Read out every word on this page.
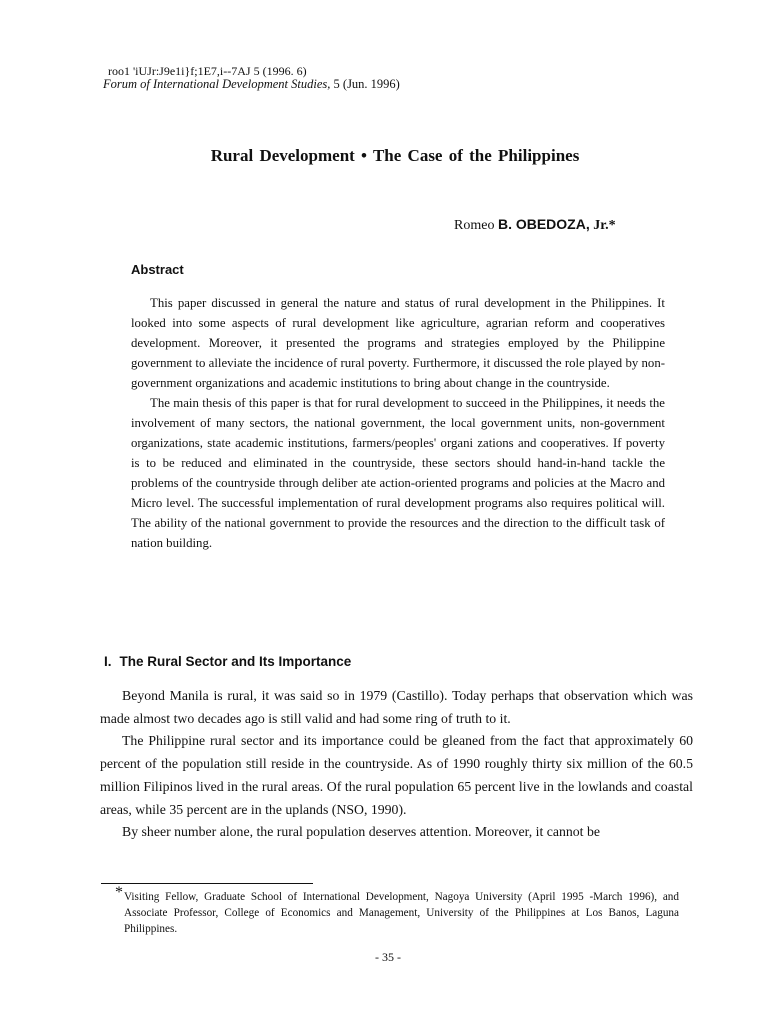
roo1 'iUJr:J9e1i}f;1E7,i--7AJ 5 (1996. 6)
Forum of International Development Studies, 5 (Jun. 1996)
Rural Development • The Case of the Philippines
Romeo B. OBEDOZA, Jr.*
Abstract

This paper discussed in general the nature and status of rural development in the Philippines. It looked into some aspects of rural development like agriculture, agrarian reform and cooperatives development. Moreover, it presented the programs and strategies employed by the Philippine government to alleviate the incidence of rural poverty. Furthermore, it discussed the role played by non-government organizations and academic institutions to bring about change in the countryside.

The main thesis of this paper is that for rural development to succeed in the Philippines, it needs the involvement of many sectors, the national government, the local government units, non-government organizations, state academic institutions, farmers/peoples' organi zations and cooperatives. If poverty is to be reduced and eliminated in the countryside, these sectors should hand-in-hand tackle the problems of the countryside through deliber ate action-oriented programs and policies at the Macro and Micro level. The successful implementation of rural development programs also requires political will. The ability of the national government to provide the resources and the direction to the difficult task of nation building.

I. The Rural Sector and Its Importance

Beyond Manila is rural, it was said so in 1979 (Castillo). Today perhaps that observation which was made almost two decades ago is still valid and had some ring of truth to it.

The Philippine rural sector and its importance could be gleaned from the fact that approximately 60 percent of the population still reside in the countryside. As of 1990 roughly thirty six million of the 60.5 million Filipinos lived in the rural areas. Of the rural population 65 percent live in the lowlands and coastal areas, while 35 percent are in the uplands (NSO, 1990).

By sheer number alone, the rural population deserves attention. Moreover, it cannot be

* Visiting Fellow, Graduate School of International Development, Nagoya University (April 1995 -March 1996), and Associate Professor, College of Economics and Management, University of the Philippines at Los Banos, Laguna Philippines.
- 35 -
